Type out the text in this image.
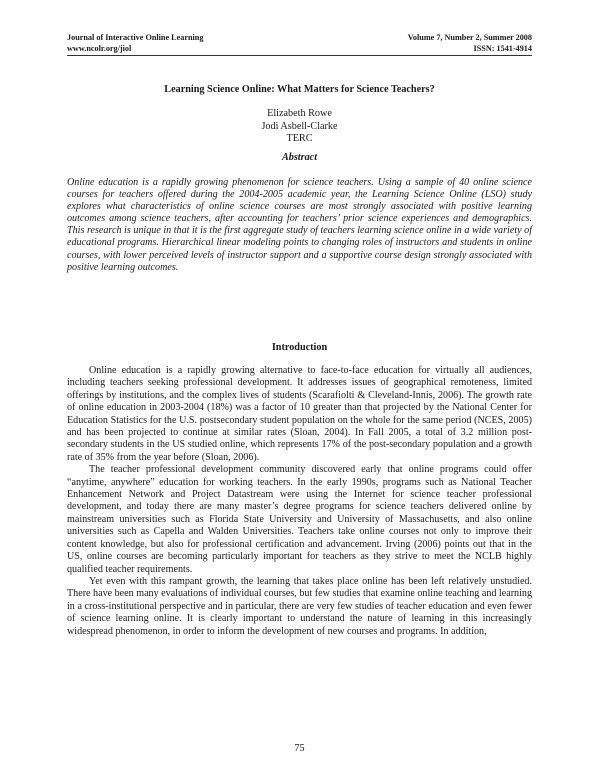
Journal of Interactive Online Learning	Volume 7, Number 2, Summer 2008
www.ncolr.org/jiol	ISSN: 1541-4914
Learning Science Online: What Matters for Science Teachers?
Elizabeth Rowe
Jodi Asbell-Clarke
TERC
Abstract

Online education is a rapidly growing phenomenon for science teachers. Using a sample of 40 online science courses for teachers offered during the 2004-2005 academic year, the Learning Science Online (LSO) study explores what characteristics of online science courses are most strongly associated with positive learning outcomes among science teachers, after accounting for teachers’ prior science experiences and demographics. This research is unique in that it is the first aggregate study of teachers learning science online in a wide variety of educational programs. Hierarchical linear modeling points to changing roles of instructors and students in online courses, with lower perceived levels of instructor support and a supportive course design strongly associated with positive learning outcomes.

Introduction

Online education is a rapidly growing alternative to face-to-face education for virtually all audiences, including teachers seeking professional development. It addresses issues of geographical remoteness, limited offerings by institutions, and the complex lives of students (Scarafiolti & Cleveland-Innis, 2006). The growth rate of online education in 2003-2004 (18%) was a factor of 10 greater than that projected by the National Center for Education Statistics for the U.S. postsecondary student population on the whole for the same period (NCES, 2005) and has been projected to continue at similar rates (Sloan, 2004). In Fall 2005, a total of 3.2 million post-secondary students in the US studied online, which represents 17% of the post-secondary population and a growth rate of 35% from the year before (Sloan, 2006).

The teacher professional development community discovered early that online programs could offer “anytime, anywhere” education for working teachers. In the early 1990s, programs such as National Teacher Enhancement Network and Project Datastream were using the Internet for science teacher professional development, and today there are many master’s degree programs for science teachers delivered online by mainstream universities such as Florida State University and University of Massachusetts, and also online universities such as Capella and Walden Universities. Teachers take online courses not only to improve their content knowledge, but also for professional certification and advancement. Irving (2006) points out that in the US, online courses are becoming particularly important for teachers as they strive to meet the NCLB highly qualified teacher requirements.

Yet even with this rampant growth, the learning that takes place online has been left relatively unstudied. There have been many evaluations of individual courses, but few studies that examine online teaching and learning in a cross-institutional perspective and in particular, there are very few studies of teacher education and even fewer of science learning online. It is clearly important to understand the nature of learning in this increasingly widespread phenomenon, in order to inform the development of new courses and programs. In addition,

75
